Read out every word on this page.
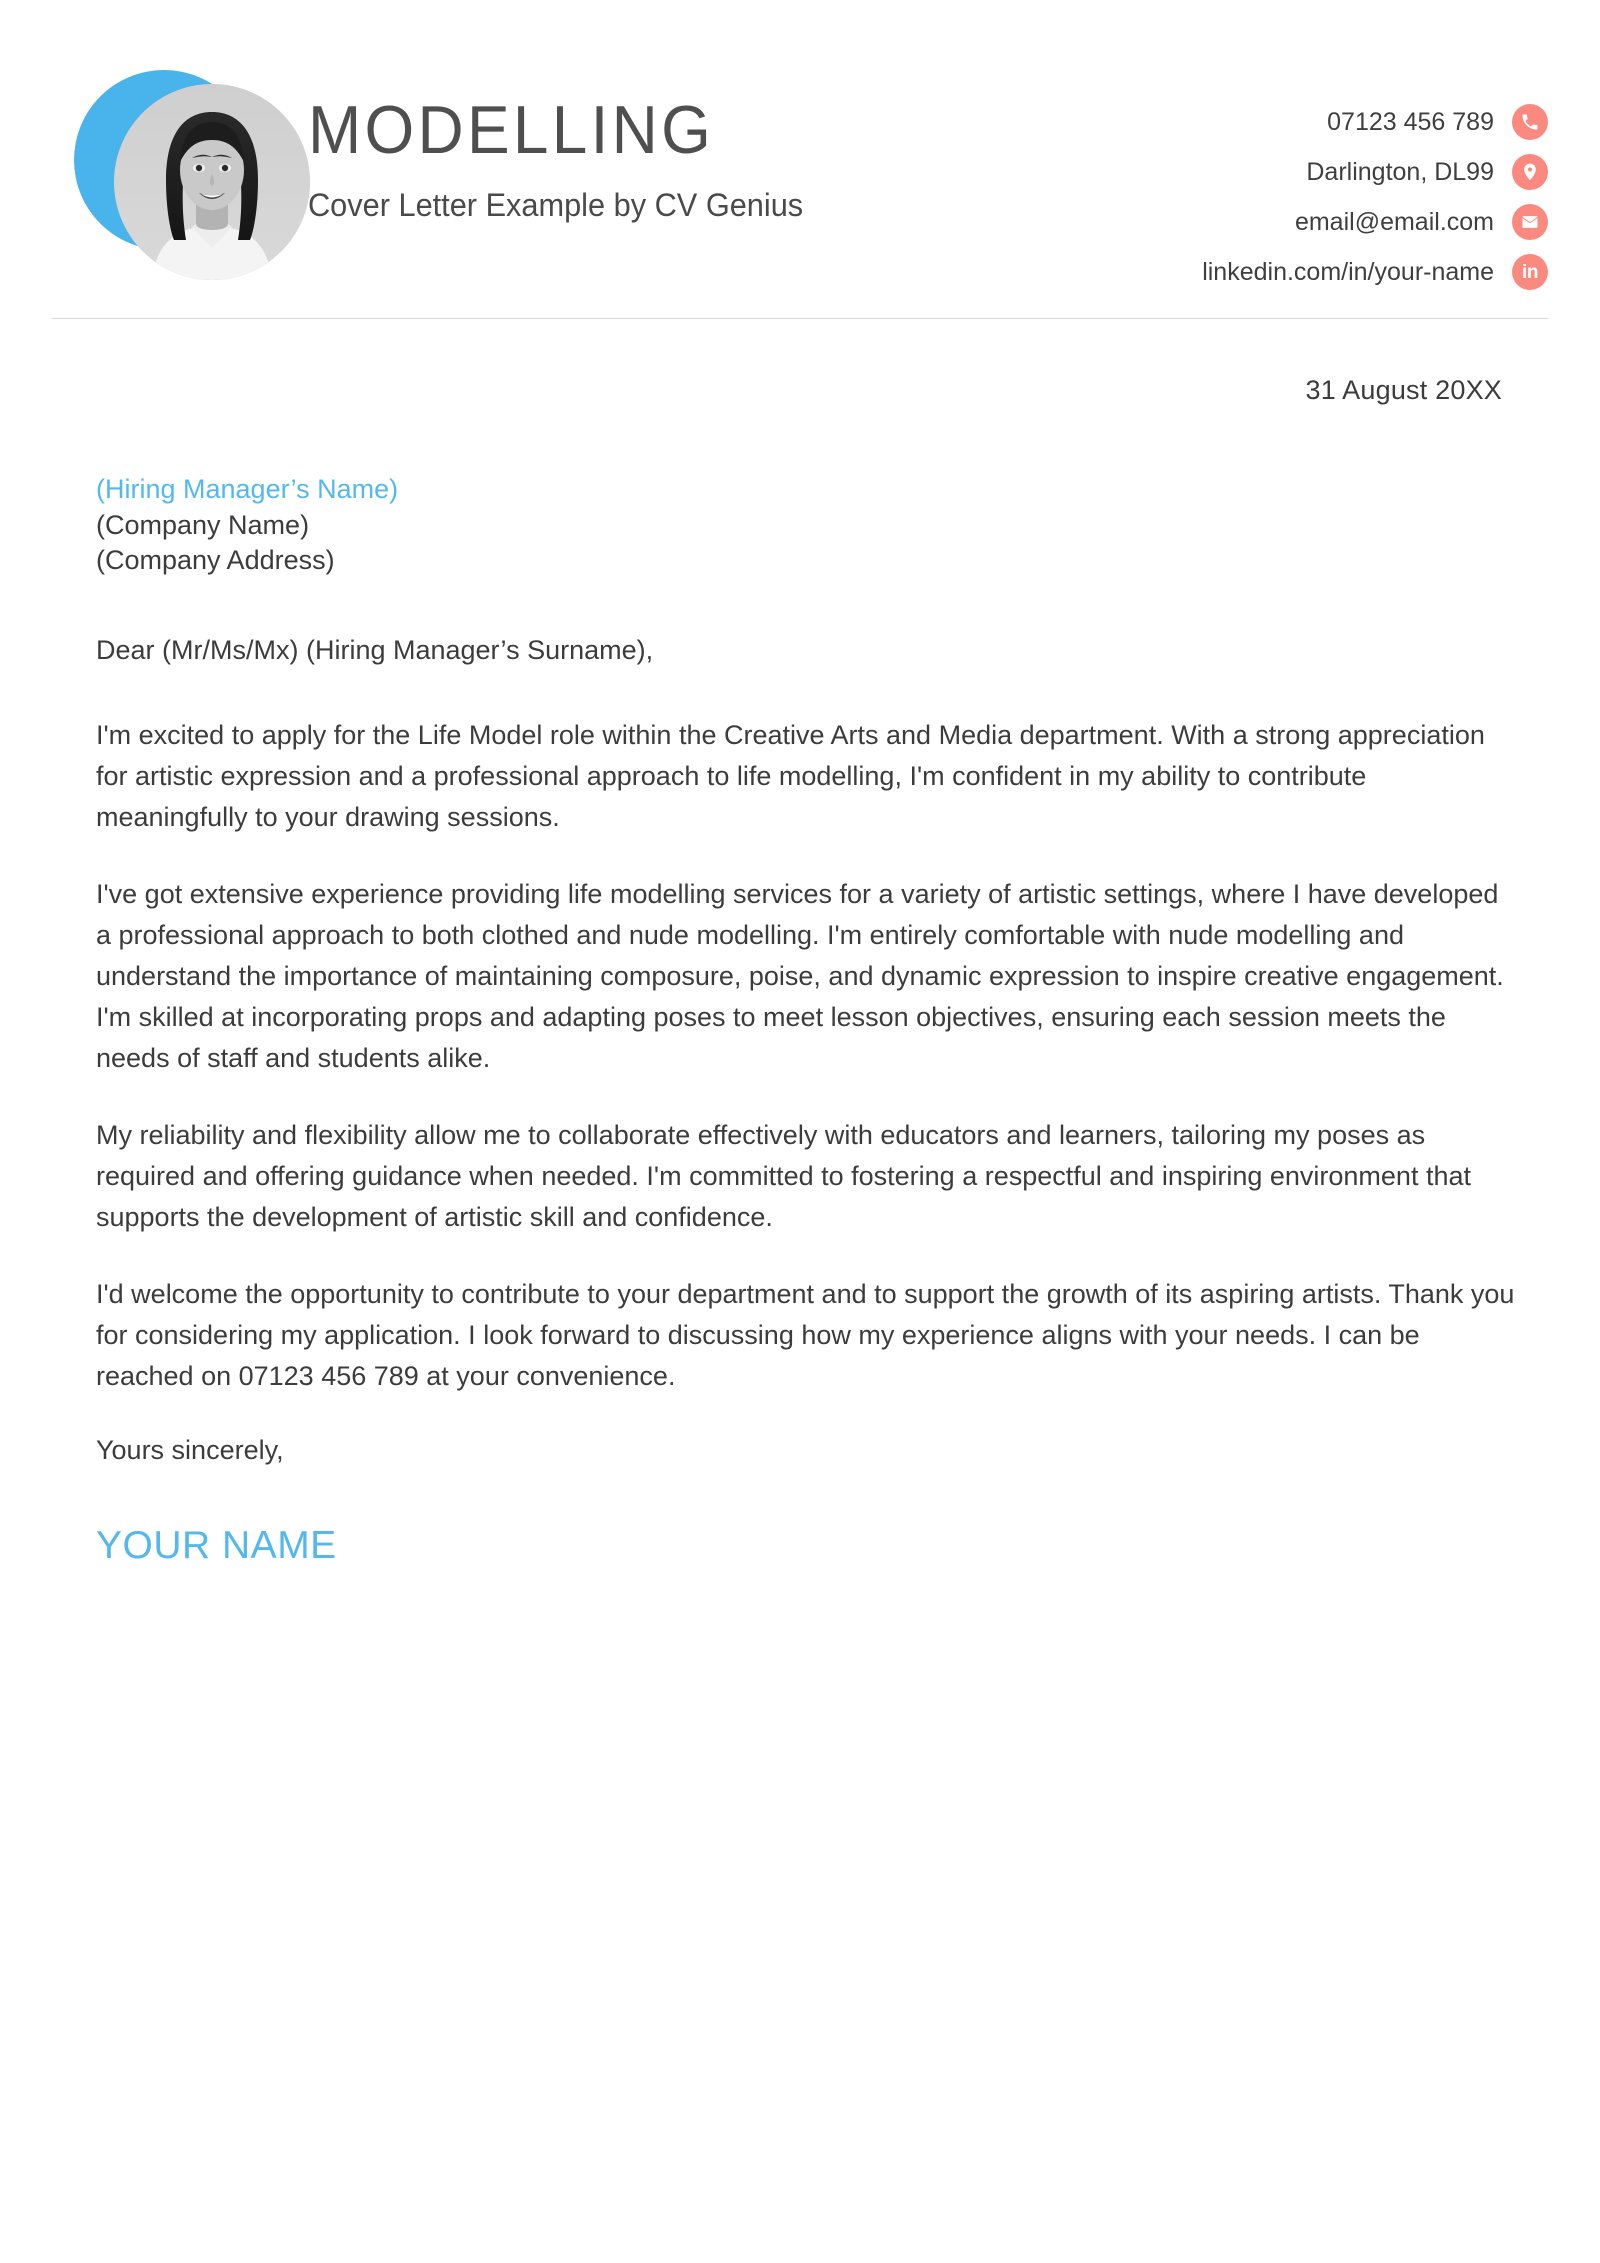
MODELLING
Cover Letter Example by CV Genius
07123 456 789
Darlington, DL99
email@email.com
linkedin.com/in/your-name in
31 August 20XX
(Hiring Manager’s Name)
(Company Name)
(Company Address)
Dear (Mr/Ms/Mx) (Hiring Manager’s Surname),

I'm excited to apply for the Life Model role within the Creative Arts and Media department. With a strong appreciation for artistic expression and a professional approach to life modelling, I'm confident in my ability to contribute meaningfully to your drawing sessions.

I've got extensive experience providing life modelling services for a variety of artistic settings, where I have developed a professional approach to both clothed and nude modelling. I'm entirely comfortable with nude modelling and understand the importance of maintaining composure, poise, and dynamic expression to inspire creative engagement. I'm skilled at incorporating props and adapting poses to meet lesson objectives, ensuring each session meets the needs of staff and students alike.

My reliability and flexibility allow me to collaborate effectively with educators and learners, tailoring my poses as required and offering guidance when needed. I'm committed to fostering a respectful and inspiring environment that supports the development of artistic skill and confidence.

I'd welcome the opportunity to contribute to your department and to support the growth of its aspiring artists. Thank you for considering my application. I look forward to discussing how my experience aligns with your needs. I can be reached on 07123 456 789 at your convenience.

Yours sincerely,
YOUR NAME
